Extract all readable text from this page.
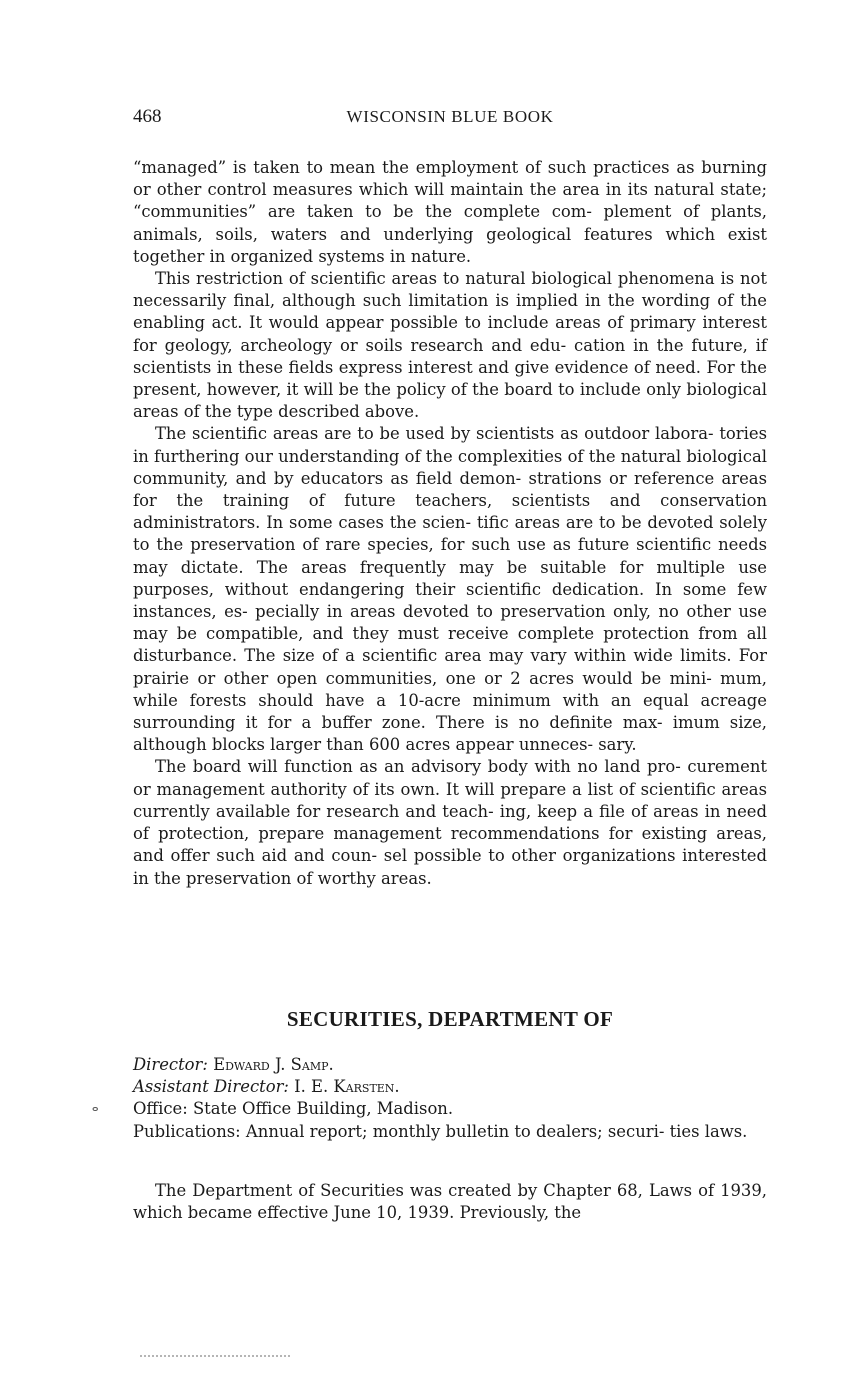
468	WISCONSIN BLUE BOOK

“managed” is taken to mean the employment of such practices as burning or other control measures which will maintain the area in its natural state; “communities” are taken to be the complete com- plement of plants, animals, soils, waters and underlying geological features which exist together in organized systems in nature.

This restriction of scientific areas to natural biological phenomena is not necessarily final, although such limitation is implied in the wording of the enabling act. It would appear possible to include areas of primary interest for geology, archeology or soils research and edu- cation in the future, if scientists in these fields express interest and give evidence of need. For the present, however, it will be the policy of the board to include only biological areas of the type described above.

The scientific areas are to be used by scientists as outdoor labora- tories in furthering our understanding of the complexities of the natural biological community, and by educators as field demon- strations or reference areas for the training of future teachers, scientists and conservation administrators. In some cases the scien- tific areas are to be devoted solely to the preservation of rare species, for such use as future scientific needs may dictate. The areas frequently may be suitable for multiple use purposes, without endangering their scientific dedication. In some few instances, es- pecially in areas devoted to preservation only, no other use may be compatible, and they must receive complete protection from all disturbance. The size of a scientific area may vary within wide limits. For prairie or other open communities, one or 2 acres would be mini- mum, while forests should have a 10-acre minimum with an equal acreage surrounding it for a buffer zone. There is no definite max- imum size, although blocks larger than 600 acres appear unneces- sary.

The board will function as an advisory body with no land pro- curement or management authority of its own. It will prepare a list of scientific areas currently available for research and teach- ing, keep a file of areas in need of protection, prepare management recommendations for existing areas, and offer such aid and coun- sel possible to other organizations interested in the preservation of worthy areas.

SECURITIES, DEPARTMENT OF

Director: Edward J. Samp.

Assistant Director: I. E. Karsten.

Office: State Office Building, Madison.

Publications: Annual report; monthly bulletin to dealers; securi- ties laws.

The Department of Securities was created by Chapter 68, Laws of 1939, which became effective June 10, 1939. Previously, the

ⴰ
